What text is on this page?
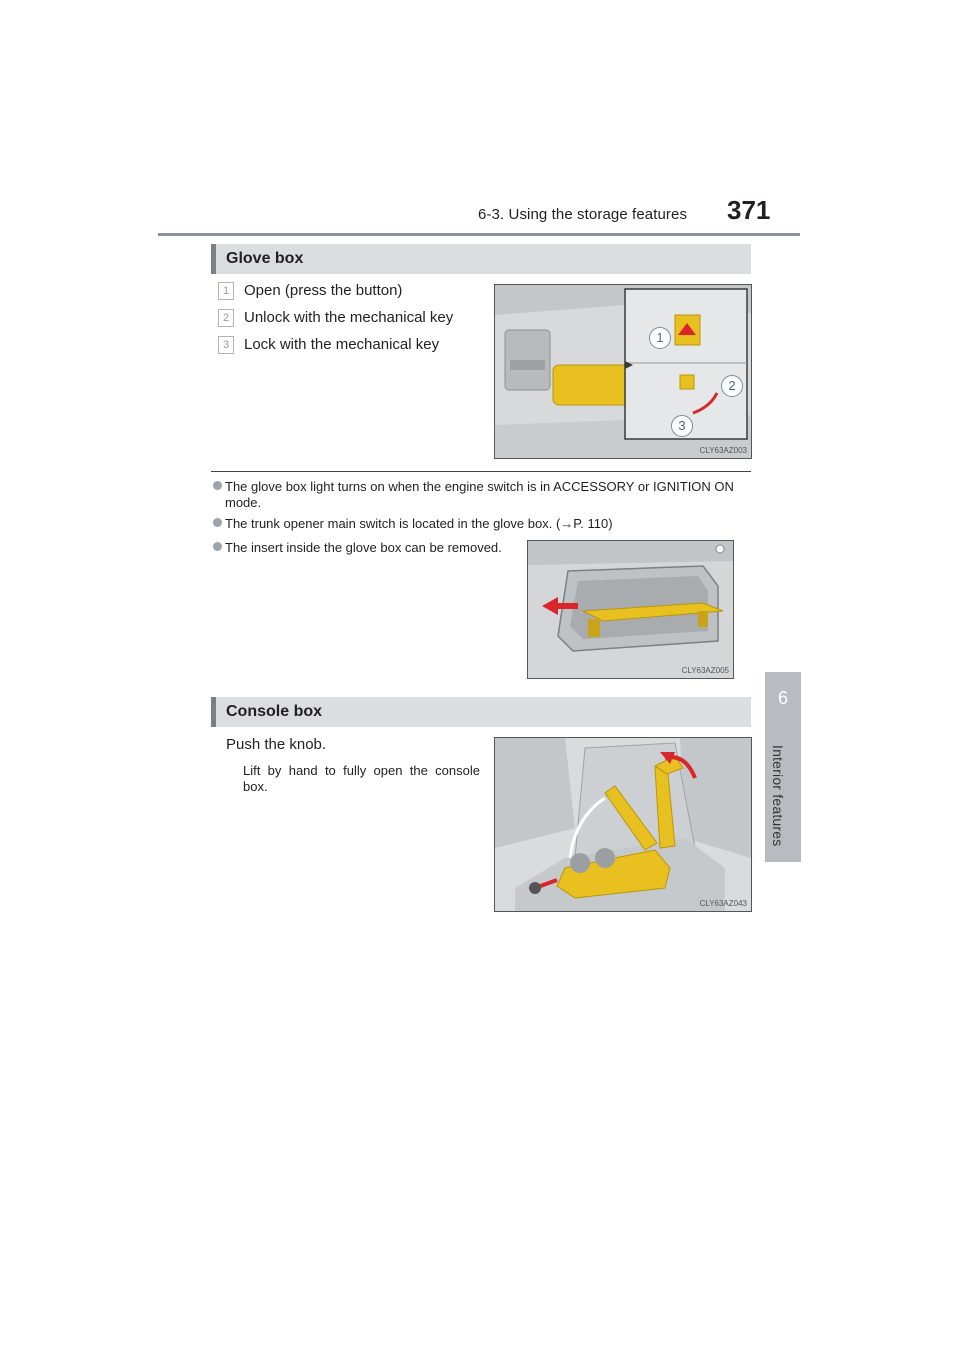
6-3. Using the storage features 371
6
Interior features
Glove box
1 Open (press the button)
2 Unlock with the mechanical key
3 Lock with the mechanical key	1
2
3
CLY63AZ003
The glove box light turns on when the engine switch is in ACCESSORY or IGNITION ON mode.
The trunk opener main switch is located in the glove box. (→P. 110)
The insert inside the glove box can be removed.
CLY63AZ005
Console box
Push the knob.
Lift by hand to fully open the console box.
CLY63AZ043
